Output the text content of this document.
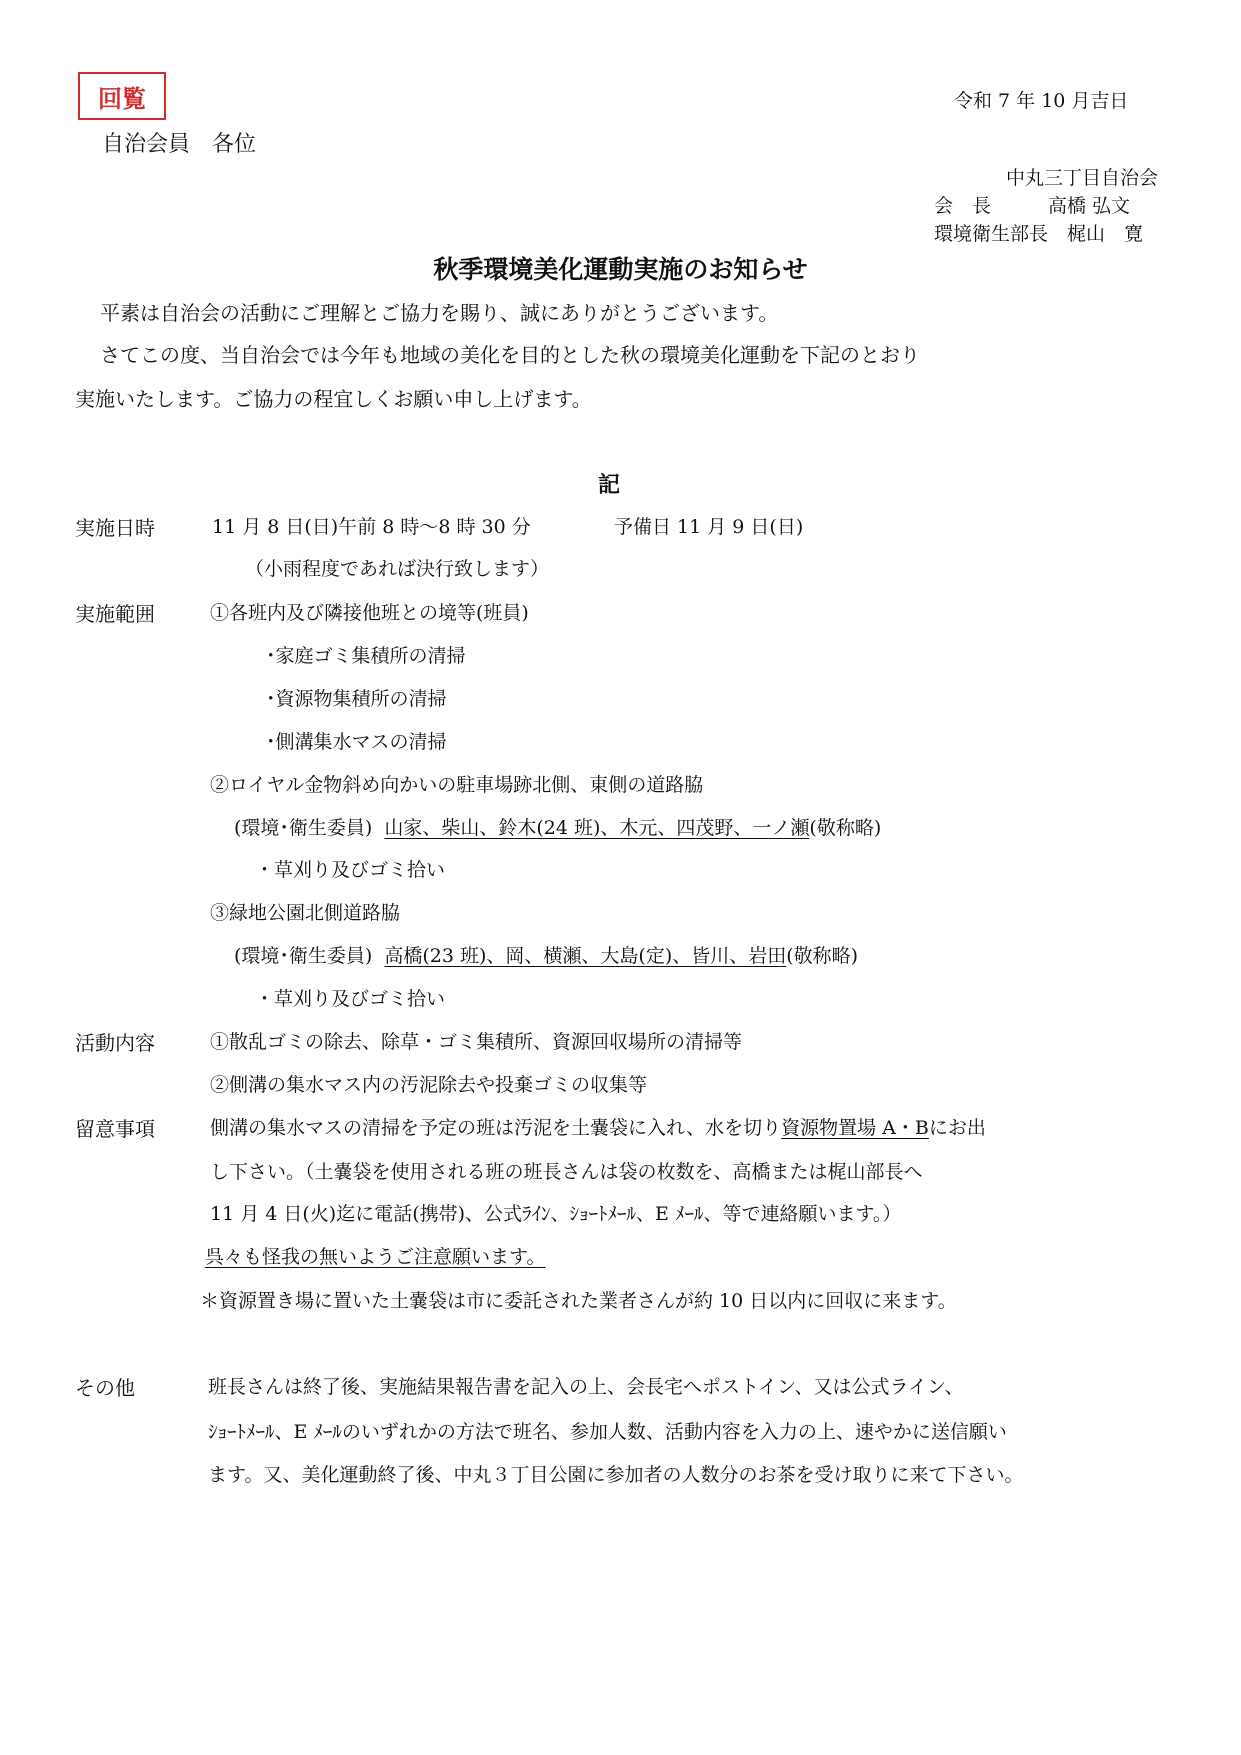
回覧	令和 7 年 10 月吉日
自治会員　各位
中丸三丁目自治会
会　長　　　高橋 弘文
環境衛生部長　梶山　寛
秋季環境美化運動実施のお知らせ
平素は自治会の活動にご理解とご協力を賜り、誠にありがとうございます。
さてこの度、当自治会では今年も地域の美化を目的とした秋の環境美化運動を下記のとおり
実施いたします。ご協力の程宜しくお願い申し上げます。
記
実施日時	11 月 8 日(日)午前 8 時～8 時 30 分	予備日 11 月 9 日(日)
（小雨程度であれば決行致します）
実施範囲	①各班内及び隣接他班との境等(班員)
･家庭ゴミ集積所の清掃
･資源物集積所の清掃
･側溝集水マスの清掃
②ロイヤル金物斜め向かいの駐車場跡北側、東側の道路脇
(環境･衛生委員) 山家、柴山、鈴木(24 班)、木元、四茂野、一ノ瀬(敬称略)
・草刈り及びゴミ拾い
③緑地公園北側道路脇
(環境･衛生委員) 高橋(23 班)、岡、横瀬、大島(定)、皆川、岩田(敬称略)
・草刈り及びゴミ拾い
活動内容	①散乱ゴミの除去、除草・ゴミ集積所、資源回収場所の清掃等
②側溝の集水マス内の汚泥除去や投棄ゴミの収集等
留意事項	側溝の集水マスの清掃を予定の班は汚泥を土嚢袋に入れ、水を切り資源物置場 A・Bにお出
し下さい。（土嚢袋を使用される班の班長さんは袋の枚数を、高橋または梶山部長へ
11 月 4 日(火)迄に電話(携帯)、公式ﾗｲﾝ、ｼｮｰﾄﾒｰﾙ、E ﾒｰﾙ、等で連絡願います。）
呉々も怪我の無いようご注意願います。
＊資源置き場に置いた土嚢袋は市に委託された業者さんが約 10 日以内に回収に来ます。
その他	班長さんは終了後、実施結果報告書を記入の上、会長宅へポストイン、又は公式ライン、
ｼｮｰﾄﾒｰﾙ、E ﾒｰﾙのいずれかの方法で班名、参加人数、活動内容を入力の上、速やかに送信願い
ます。又、美化運動終了後、中丸３丁目公園に参加者の人数分のお茶を受け取りに来て下さい。
